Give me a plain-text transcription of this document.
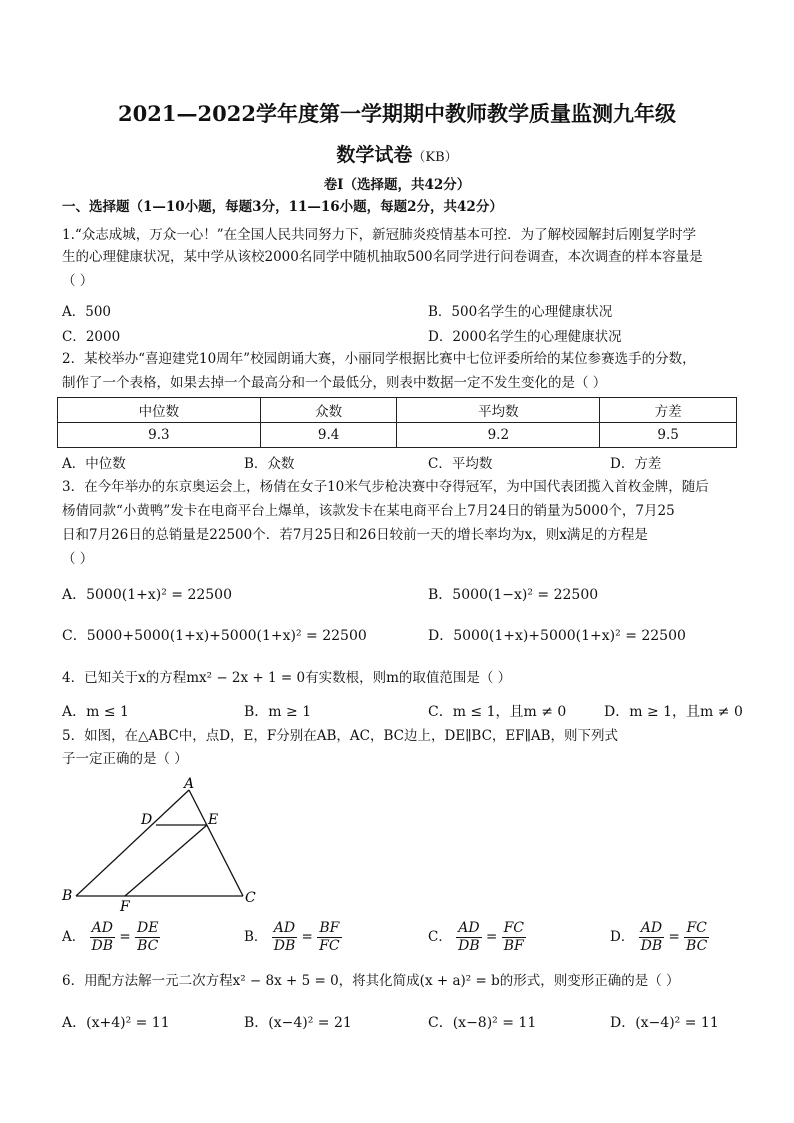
2021—2022学年度第一学期期中教师教学质量监测九年级
数学试卷（KB）
卷Ⅰ（选择题，共42分）
一、选择题（1—10小题，每题3分，11—16小题，每题2分，共42分）
1.“众志成城，万众一心！”在全国人民共同努力下，新冠肺炎疫情基本可控．为了解校园解封后刚复学时学
生的心理健康状况，某中学从该校2000名同学中随机抽取500名同学进行问卷调查，本次调查的样本容量是
（ ）
A．500	B．500名学生的心理健康状况
C．2000	D．2000名学生的心理健康状况
2．某校举办“喜迎建党10周年”校园朗诵大赛，小丽同学根据比赛中七位评委所给的某位参赛选手的分数，
制作了一个表格，如果去掉一个最高分和一个最低分，则表中数据一定不发生变化的是（ ）
中位数	众数	平均数	方差
9.3	9.4	9.2	9.5
A．中位数	B．众数	C．平均数	D．方差
3．在今年举办的东京奥运会上，杨倩在女子10米气步枪决赛中夺得冠军，为中国代表团揽入首枚金牌，随后
杨倩同款“小黄鸭”发卡在电商平台上爆单，该款发卡在某电商平台上7月24日的销量为5000个，7月25
日和7月26日的总销量是22500个．若7月25日和26日较前一天的增长率均为x，则x满足的方程是
（ ）
A．5000(1+x)² = 22500	B．5000(1−x)² = 22500
C．5000+5000(1+x)+5000(1+x)² = 22500	D．5000(1+x)+5000(1+x)² = 22500
4．已知关于x的方程mx² − 2x + 1 = 0有实数根，则m的取值范围是（ ）
A．m ≤ 1	B．m ≥ 1	C．m ≤ 1，且m ≠ 0	D．m ≥ 1，且m ≠ 0
5．如图，在△ABC中，点D，E，F分别在AB，AC，BC边上，DE∥BC，EF∥AB，则下列式
子一定正确的是（ ）
A
B	C
D	E
F
A． $\frac{AD}{DB} = \frac{DE}{BC}$	B． $\frac{AD}{DB} = \frac{BF}{FC}$	C． $\frac{AD}{DB} = \frac{FC}{BF}$	D． $\frac{AD}{DB} = \frac{FC}{BC}$
6．用配方法解一元二次方程x² − 8x + 5 = 0，将其化简成(x + a)² = b的形式，则变形正确的是（ ）
A．(x+4)² = 11	B．(x−4)² = 21	C．(x−8)² = 11	D．(x−4)² = 11
